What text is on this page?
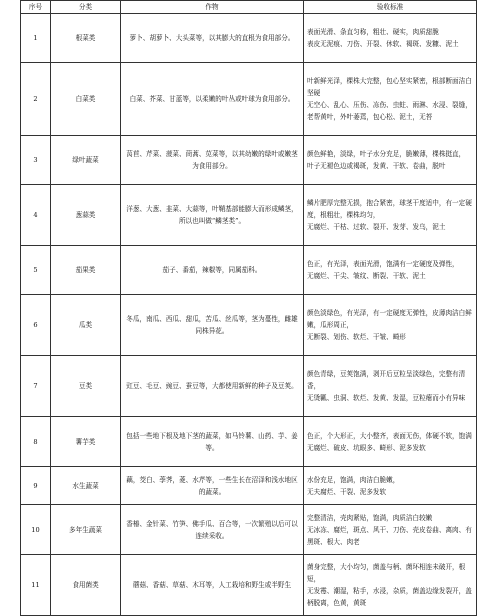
序号	分类	作物	验收标准
1	根菜类	萝卜、胡萝卜、大头菜等，以其膨大的直根为食用部分。	表面光滑、条直匀称，粗壮、硬实，肉质甜脆
表皮无泥痕、刀伤、开裂、休软、褐斑、发糠、泥土

2	白菜类	白菜、芥菜、甘蓝等，以柔嫩的叶丛或叶球为食用部分。	叶新鲜光泽，棵株大完整，包心坚实紧密，根部断面洁白坚硬
无空心、乱心、压伤、冻伤、虫蛀、雨淋、水浸、裂缝，老帮黄叶，外叶萎蔫，包心松、泥土，无苔

3	绿叶蔬菜	莴苣、芹菜、菠菜、茼蒿、苋菜等，以其幼嫩的绿叶或嫩茎为食用部分。	颜色鲜艳，淡绿，叶子水分充足，脆嫩薄，棵株挺直，
叶子无褪色边或褐斑，发黄、干软、卷曲，脱叶

4	葱蒜类	洋葱、大葱、韭菜、大蒜等，叶鞘基部能膨大而形成鳞茎，所以也叫做“鳞茎类”。	鳞片肥厚完整无损，抱合紧密，球茎干度适中，有一定硬度，根粗壮，棵株均匀，
无腐烂、干枯、过软、裂开、发芽、发乌，泥土

5	茄果类	茄子、番茄，辣椒等，同属茄科。	色正，有光泽，表面光滑，饱满有一定硬度及弹性，
无腐烂、干尖、皱纹、断裂、干软、泥土

6	瓜类	冬瓜，南瓜、西瓜、甜瓜，苦瓜、丝瓜等，茎为蔓性，雌雄同株异花。	颜色淡绿色，有光泽，有一定硬度无弹性，皮薄肉洁白鲜嫩，瓜形周正，
无断裂、划伤、软烂、干皱、畸形

7	豆类	豇豆、毛豆、豌豆、蚕豆等，大都使用新鲜的种子及豆荚。	颜色青绿，豆荚饱满，剥开后豆粒呈淡绿色，完整有清香，
无烫瓤、虫洞、软烂、发黄、发湿，豆粒瘪而小有异味

8	薯芋类	包括一些地下根及地下茎的蔬菜，如马铃薯、山药、芋、姜等。	色正，个大形正，大小整齐，表面无伤，体硬不软，饱满
无腐烂、破皮、坑眼多、畸形、泥多发软

9	水生蔬菜	藕，茭白、荸荠，菱、水芹等，一些生长在沼泽和浅水地区的蔬菜。	水份充足，饱满，肉洁白脆嫩，
无夫腐烂、干裂、泥多发软

10	多年生蔬菜	香椿、金针菜、竹笋、佛手瓜、百合等，一次繁殖以后可以连续采收。	完整清洁，壳肉紧贴，饱满，肉质洁白较嫩
无冰冻、腐烂，斑点、风干、刀伤、壳皮卷曲、离肉、有黑斑、根大、肉老

11	食用菌类	蘑菇、香菇、草菇、木耳等，人工栽培和野生或半野生	菌身完整，大小均匀，菌盖与柄、菌环相连未破开，根短，
无发霉、潮湿，粘手，水浸，杂质，菌盖边缘发裂开，盖柄脱离，色黄，黄斑
